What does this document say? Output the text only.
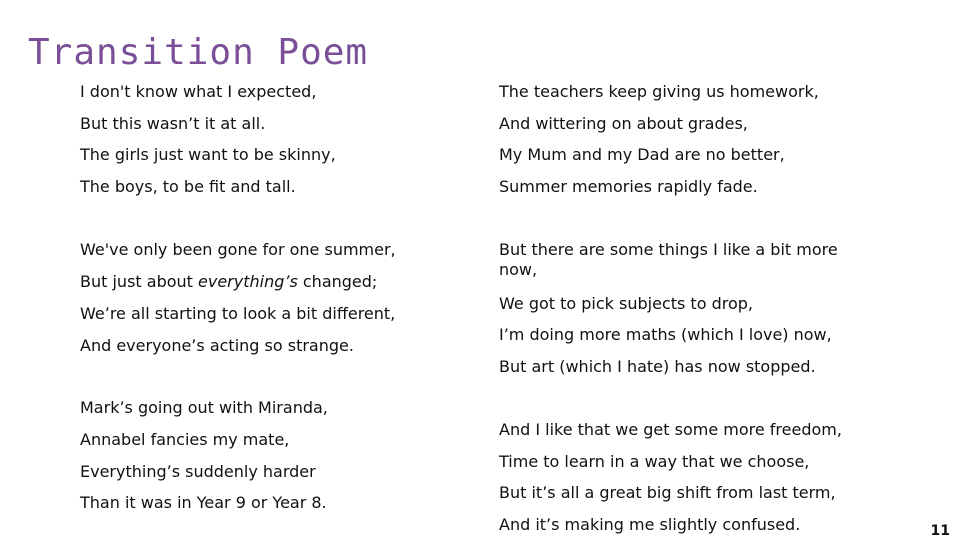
Transition Poem
I don't know what I expected,
But this wasn’t it at all.
The girls just want to be skinny,
The boys, to be fit and tall.
We've only been gone for one summer,
But just about everything’s changed;
We’re all starting to look a bit different,
And everyone’s acting so strange.
Mark’s going out with Miranda,
Annabel fancies my mate,
Everything’s suddenly harder
Than it was in Year 9 or Year 8.
The teachers keep giving us homework,
And wittering on about grades,
My Mum and my Dad are no better,
Summer memories rapidly fade.
But there are some things I like a bit more now,
We got to pick subjects to drop,
I’m doing more maths (which I love) now,
But art (which I hate) has now stopped.
And I like that we get some more freedom,
Time to learn in a way that we choose,
But it’s all a great big shift from last term,
And it’s making me slightly confused.	11
